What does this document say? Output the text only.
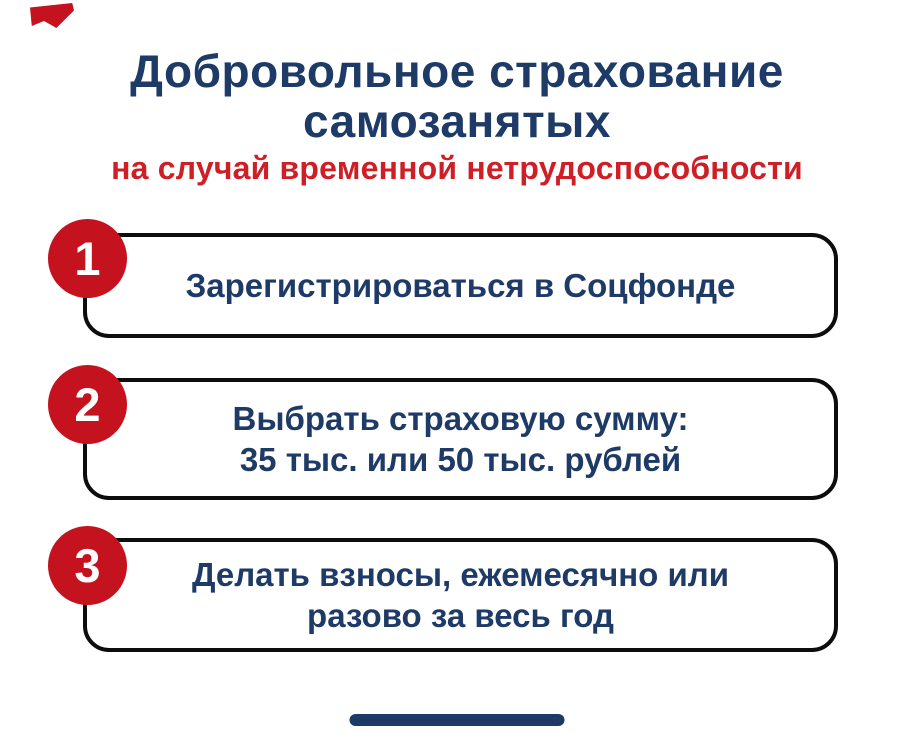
Добровольное страхование
самозанятых
на случай временной нетрудоспособности
1
Зарегистрироваться в Соцфонде
2	Выбрать страховую сумму:
35 тыс. или 50 тыс. рублей
3	Делать взносы, ежемесячно или
разово за весь год
